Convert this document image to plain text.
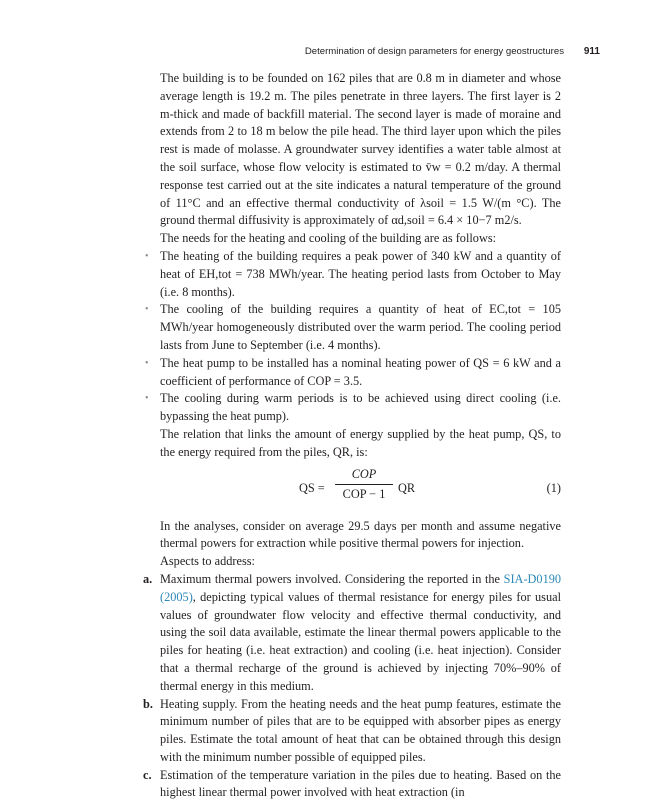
Determination of design parameters for energy geostructures 911

The building is to be founded on 162 piles that are 0.8 m in diameter and whose average length is 19.2 m. The piles penetrate in three layers. The first layer is 2 m-thick and made of backfill material. The second layer is made of moraine and extends from 2 to 18 m below the pile head. The third layer upon which the piles rest is made of molasse. A groundwater survey identifies a water table almost at the soil surface, whose flow velocity is estimated to v̄w = 0.2 m/day. A thermal response test carried out at the site indicates a natural temperature of the ground of 11°C and an effective thermal conductivity of λsoil = 1.5 W/(m °C). The ground thermal diffusivity is approximately of αd,soil = 6.4 × 10−7 m2/s.

The needs for the heating and cooling of the building are as follows:

• The heating of the building requires a peak power of 340 kW and a quantity of heat of EH,tot = 738 MWh/year. The heating period lasts from October to May (i.e. 8 months).

• The cooling of the building requires a quantity of heat of EC,tot = 105 MWh/year homogeneously distributed over the warm period. The cooling period lasts from June to September (i.e. 4 months).

• The heat pump to be installed has a nominal heating power of QS = 6 kW and a coefficient of performance of COP = 3.5.

• The cooling during warm periods is to be achieved using direct cooling (i.e. bypassing the heat pump).

The relation that links the amount of energy supplied by the heat pump, QS, to the energy required from the piles, QR, is:

QS =
COP
COP − 1	QR	(1)

In the analyses, consider on average 29.5 days per month and assume negative thermal powers for extraction while positive thermal powers for injection.

Aspects to address:

a. Maximum thermal powers involved. Considering the reported in the SIA-D0190 (2005), depicting typical values of thermal resistance for energy piles for usual values of groundwater flow velocity and effective thermal conductivity, and using the soil data available, estimate the linear thermal powers applicable to the piles for heating (i.e. heat extraction) and cooling (i.e. heat injection). Consider that a thermal recharge of the ground is achieved by injecting 70%–90% of thermal energy in this medium.

b. Heating supply. From the heating needs and the heat pump features, estimate the minimum number of piles that are to be equipped with absorber pipes as energy piles. Estimate the total amount of heat that can be obtained through this design with the minimum number possible of equipped piles.

c. Estimation of the temperature variation in the piles due to heating. Based on the highest linear thermal power involved with heat extraction (in
